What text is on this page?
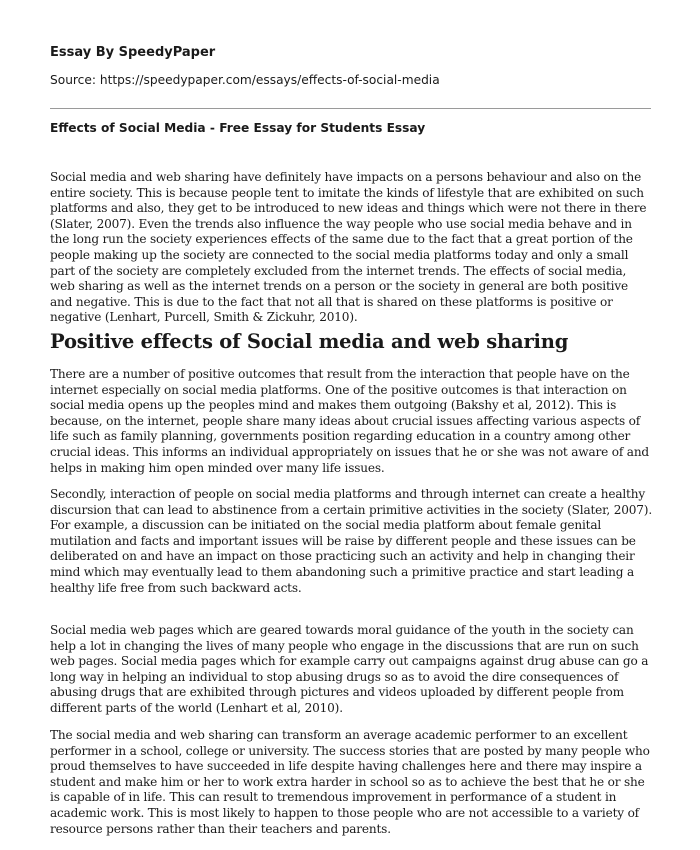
Essay By SpeedyPaper
Source: https://speedypaper.com/essays/effects-of-social-media
Effects of Social Media - Free Essay for Students Essay

Social media and web sharing have definitely have impacts on a persons behaviour and also on the entire society. This is because people tent to imitate the kinds of lifestyle that are exhibited on such platforms and also, they get to be introduced to new ideas and things which were not there in there (Slater, 2007). Even the trends also influence the way people who use social media behave and in the long run the society experiences effects of the same due to the fact that a great portion of the people making up the society are connected to the social media platforms today and only a small part of the society are completely excluded from the internet trends. The effects of social media, web sharing as well as the internet trends on a person or the society in general are both positive and negative. This is due to the fact that not all that is shared on these platforms is positive or negative (Lenhart, Purcell, Smith & Zickuhr, 2010).

Positive effects of Social media and web sharing

There are a number of positive outcomes that result from the interaction that people have on the internet especially on social media platforms. One of the positive outcomes is that interaction on social media opens up the peoples mind and makes them outgoing (Bakshy et al, 2012). This is because, on the internet, people share many ideas about crucial issues affecting various aspects of life such as family planning, governments position regarding education in a country among other crucial ideas. This informs an individual appropriately on issues that he or she was not aware of and helps in making him open minded over many life issues.

Secondly, interaction of people on social media platforms and through internet can create a healthy discursion that can lead to abstinence from a certain primitive activities in the society (Slater, 2007). For example, a discussion can be initiated on the social media platform about female genital mutilation and facts and important issues will be raise by different people and these issues can be deliberated on and have an impact on those practicing such an activity and help in changing their mind which may eventually lead to them abandoning such a primitive practice and start leading a healthy life free from such backward acts.

Social media web pages which are geared towards moral guidance of the youth in the society can help a lot in changing the lives of many people who engage in the discussions that are run on such web pages. Social media pages which for example carry out campaigns against drug abuse can go a long way in helping an individual to stop abusing drugs so as to avoid the dire consequences of abusing drugs that are exhibited through pictures and videos uploaded by different people from different parts of the world (Lenhart et al, 2010).

The social media and web sharing can transform an average academic performer to an excellent performer in a school, college or university. The success stories that are posted by many people who proud themselves to have succeeded in life despite having challenges here and there may inspire a student and make him or her to work extra harder in school so as to achieve the best that he or she is capable of in life. This can result to tremendous improvement in performance of a student in academic work. This is most likely to happen to those people who are not accessible to a variety of resource persons rather than their teachers and parents.
